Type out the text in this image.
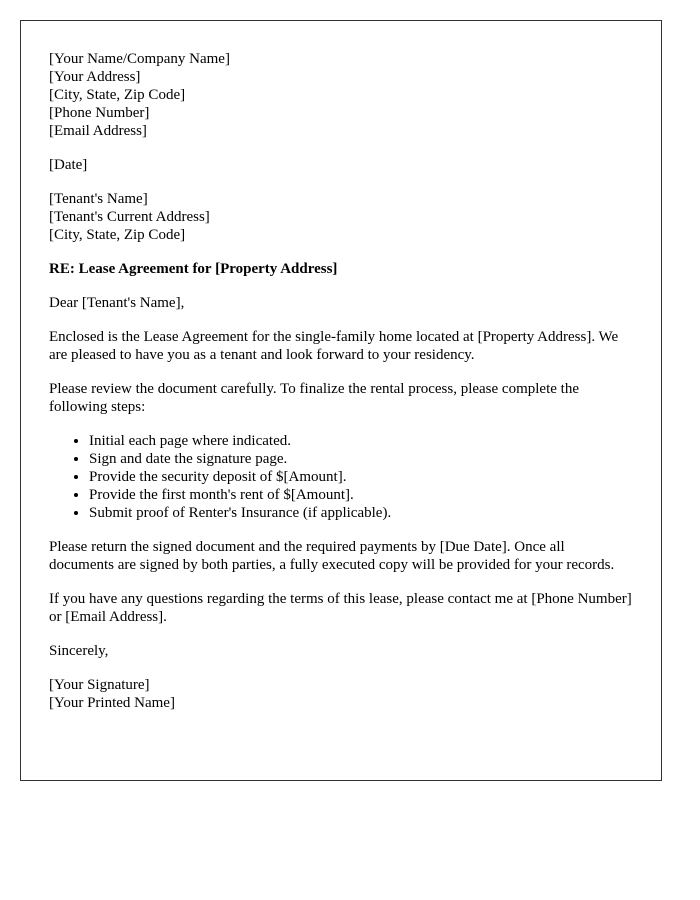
[Your Name/Company Name]
[Your Address]
[City, State, Zip Code]
[Phone Number]
[Email Address]
[Date]
[Tenant's Name]
[Tenant's Current Address]
[City, State, Zip Code]

RE: Lease Agreement for [Property Address]

Dear [Tenant's Name],

Enclosed is the Lease Agreement for the single-family home located at [Property Address]. We are pleased to have you as a tenant and look forward to your residency.

Please review the document carefully. To finalize the rental process, please complete the following steps:

• Initial each page where indicated.
• Sign and date the signature page.
• Provide the security deposit of $[Amount].
• Provide the first month's rent of $[Amount].
• Submit proof of Renter's Insurance (if applicable).

Please return the signed document and the required payments by [Due Date]. Once all documents are signed by both parties, a fully executed copy will be provided for your records.

If you have any questions regarding the terms of this lease, please contact me at [Phone Number] or [Email Address].

Sincerely,

[Your Signature]
[Your Printed Name]
